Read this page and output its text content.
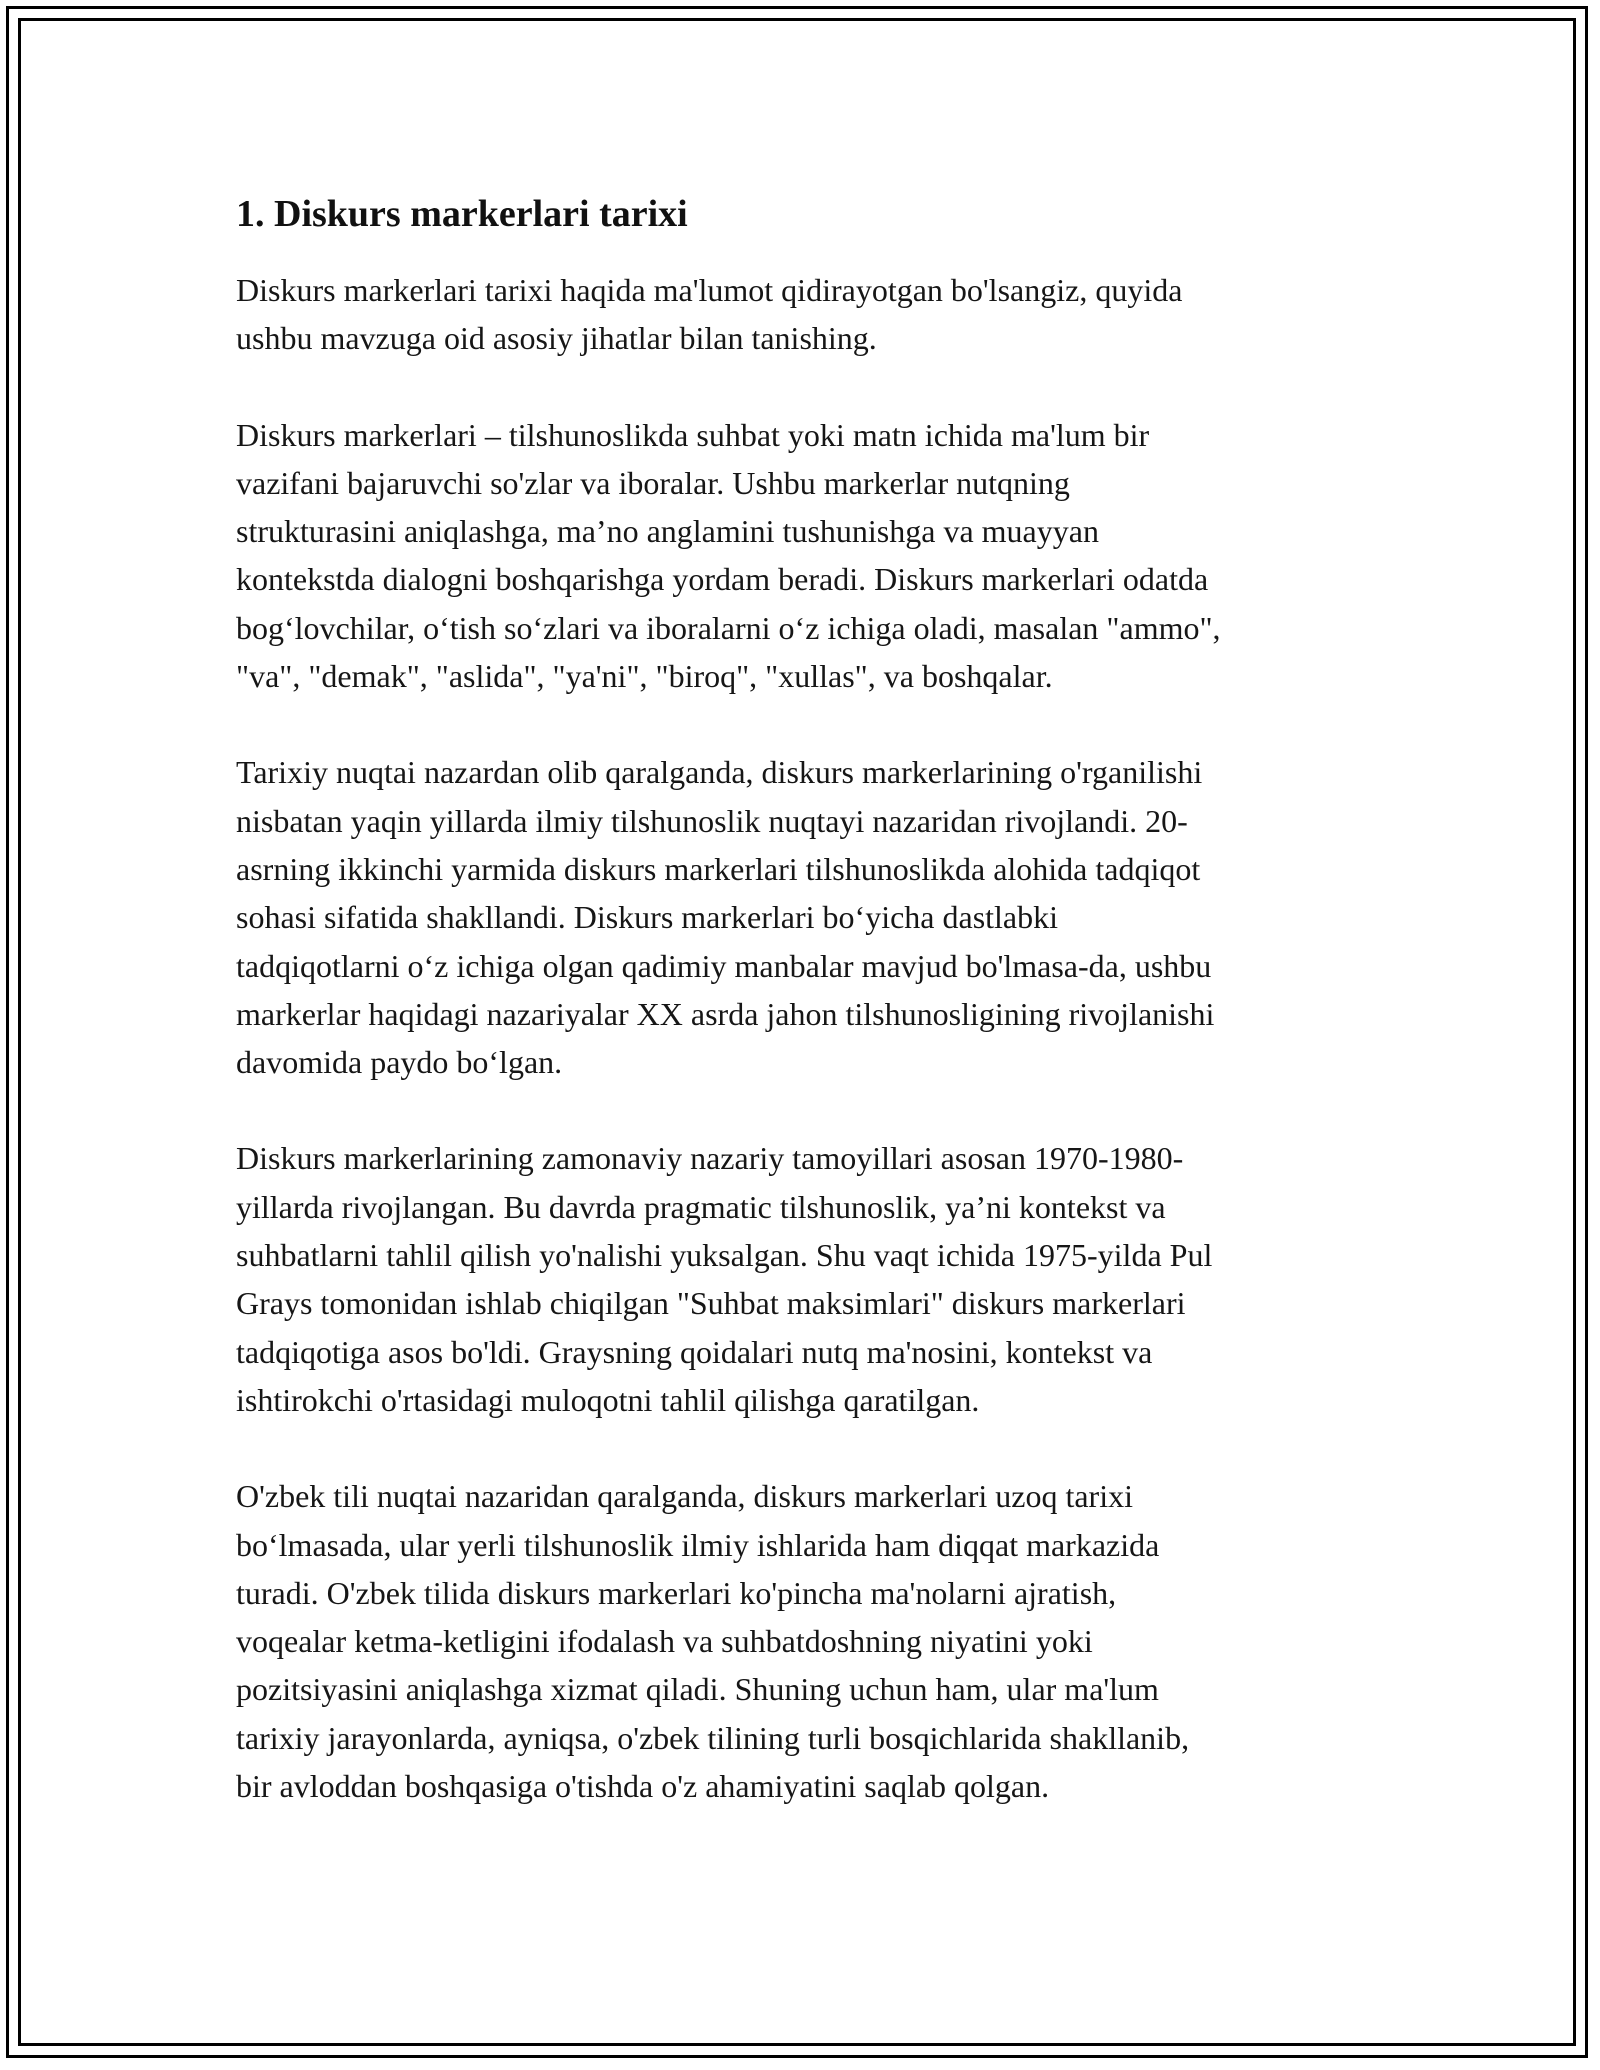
1. Diskurs markerlari tarixi

Diskurs markerlari tarixi haqida ma'lumot qidirayotgan bo'lsangiz, quyida
ushbu mavzuga oid asosiy jihatlar bilan tanishing.

Diskurs markerlari – tilshunoslikda suhbat yoki matn ichida ma'lum bir
vazifani bajaruvchi so'zlar va iboralar. Ushbu markerlar nutqning
strukturasini aniqlashga, ma’no anglamini tushunishga va muayyan
kontekstda dialogni boshqarishga yordam beradi. Diskurs markerlari odatda
bog‘lovchilar, o‘tish so‘zlari va iboralarni o‘z ichiga oladi, masalan "ammo",
"va", "demak", "aslida", "ya'ni", "biroq", "xullas", va boshqalar.

Tarixiy nuqtai nazardan olib qaralganda, diskurs markerlarining o'rganilishi
nisbatan yaqin yillarda ilmiy tilshunoslik nuqtayi nazaridan rivojlandi. 20-
asrning ikkinchi yarmida diskurs markerlari tilshunoslikda alohida tadqiqot
sohasi sifatida shakllandi. Diskurs markerlari bo‘yicha dastlabki
tadqiqotlarni o‘z ichiga olgan qadimiy manbalar mavjud bo'lmasa-da, ushbu
markerlar haqidagi nazariyalar XX asrda jahon tilshunosligining rivojlanishi
davomida paydo bo‘lgan.

Diskurs markerlarining zamonaviy nazariy tamoyillari asosan 1970-1980-
yillarda rivojlangan. Bu davrda pragmatic tilshunoslik, ya’ni kontekst va
suhbatlarni tahlil qilish yo'nalishi yuksalgan. Shu vaqt ichida 1975-yilda Pul
Grays tomonidan ishlab chiqilgan "Suhbat maksimlari" diskurs markerlari
tadqiqotiga asos bo'ldi. Graysning qoidalari nutq ma'nosini, kontekst va
ishtirokchi o'rtasidagi muloqotni tahlil qilishga qaratilgan.

O'zbek tili nuqtai nazaridan qaralganda, diskurs markerlari uzoq tarixi
bo‘lmasada, ular yerli tilshunoslik ilmiy ishlarida ham diqqat markazida
turadi. O'zbek tilida diskurs markerlari ko'pincha ma'nolarni ajratish,
voqealar ketma-ketligini ifodalash va suhbatdoshning niyatini yoki
pozitsiyasini aniqlashga xizmat qiladi. Shuning uchun ham, ular ma'lum
tarixiy jarayonlarda, ayniqsa, o'zbek tilining turli bosqichlarida shakllanib,
bir avloddan boshqasiga o'tishda o'z ahamiyatini saqlab qolgan.
